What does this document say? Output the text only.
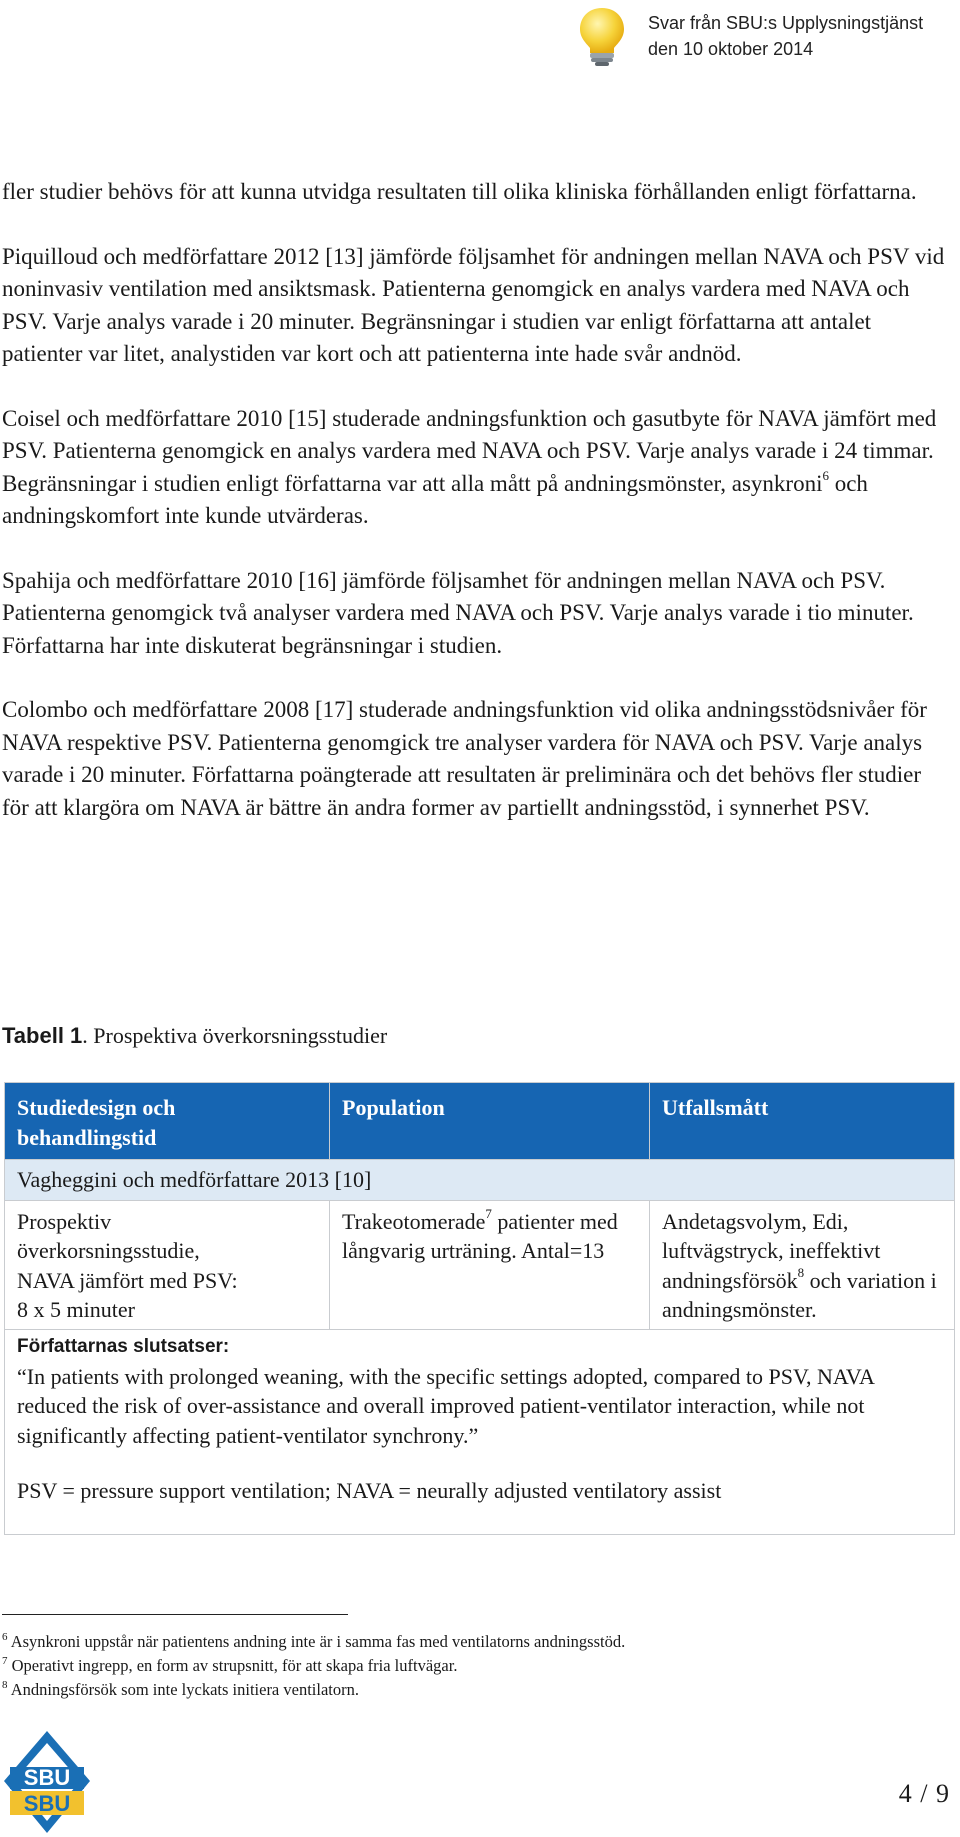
Svar från SBU:s Upplysningstjänst
den 10 oktober 2014

fler studier behövs för att kunna utvidga resultaten till olika kliniska förhållanden enligt författarna.

Piquilloud och medförfattare 2012 [13] jämförde följsamhet för andningen mellan NAVA och PSV vid noninvasiv ventilation med ansiktsmask. Patienterna genomgick en analys vardera med NAVA och PSV. Varje analys varade i 20 minuter. Begränsningar i studien var enligt författarna att antalet patienter var litet, analystiden var kort och att patienterna inte hade svår andnöd.

Coisel och medförfattare 2010 [15] studerade andningsfunktion och gasutbyte för NAVA jämfört med PSV. Patienterna genomgick en analys vardera med NAVA och PSV. Varje analys varade i 24 timmar. Begränsningar i studien enligt författarna var att alla mått på andningsmönster, asynkroni$^6$ och andningskomfort inte kunde utvärderas.

Spahija och medförfattare 2010 [16] jämförde följsamhet för andningen mellan NAVA och PSV. Patienterna genomgick två analyser vardera med NAVA och PSV. Varje analys varade i tio minuter. Författarna har inte diskuterat begränsningar i studien.

Colombo och medförfattare 2008 [17] studerade andningsfunktion vid olika andningsstödsnivåer för NAVA respektive PSV. Patienterna genomgick tre analyser vardera för NAVA och PSV. Varje analys varade i 20 minuter. Författarna poängterade att resultaten är preliminära och det behövs fler studier för att klargöra om NAVA är bättre än andra former av partiellt andningsstöd, i synnerhet PSV.

Tabell 1. Prospektiva överkorsningsstudier
Studiedesign och behandlingstid	Population	Utfallsmått
Vagheggini och medförfattare 2013 [10]		

Prospektiv
överkorsningsstudie,
NAVA jämfört med PSV:
8 x 5 minuter	Trakeotomerade$^7$ patienter med långvarig urträning. Antal=13	Andetagsvolym, Edi, luftvägstryck, ineffektivt andningsförsök$^8$ och variation i andningsmönster.

Författarnas slutsatser:

“In patients with prolonged weaning, with the specific settings adopted, compared to PSV, NAVA reduced the risk of over-assistance and overall improved patient-ventilator interaction, while not significantly affecting patient-ventilator synchrony.”

PSV = pressure support ventilation; NAVA = neurally adjusted ventilatory assist		

$^6$ Asynkroni uppstår när patientens andning inte är i samma fas med ventilatorns andningsstöd.
$^7$ Operativt ingrepp, en form av strupsnitt, för att skapa fria luftvägar.
$^8$ Andningsförsök som inte lyckats initiera ventilatorn.
SBU
SBU	4 / 9
